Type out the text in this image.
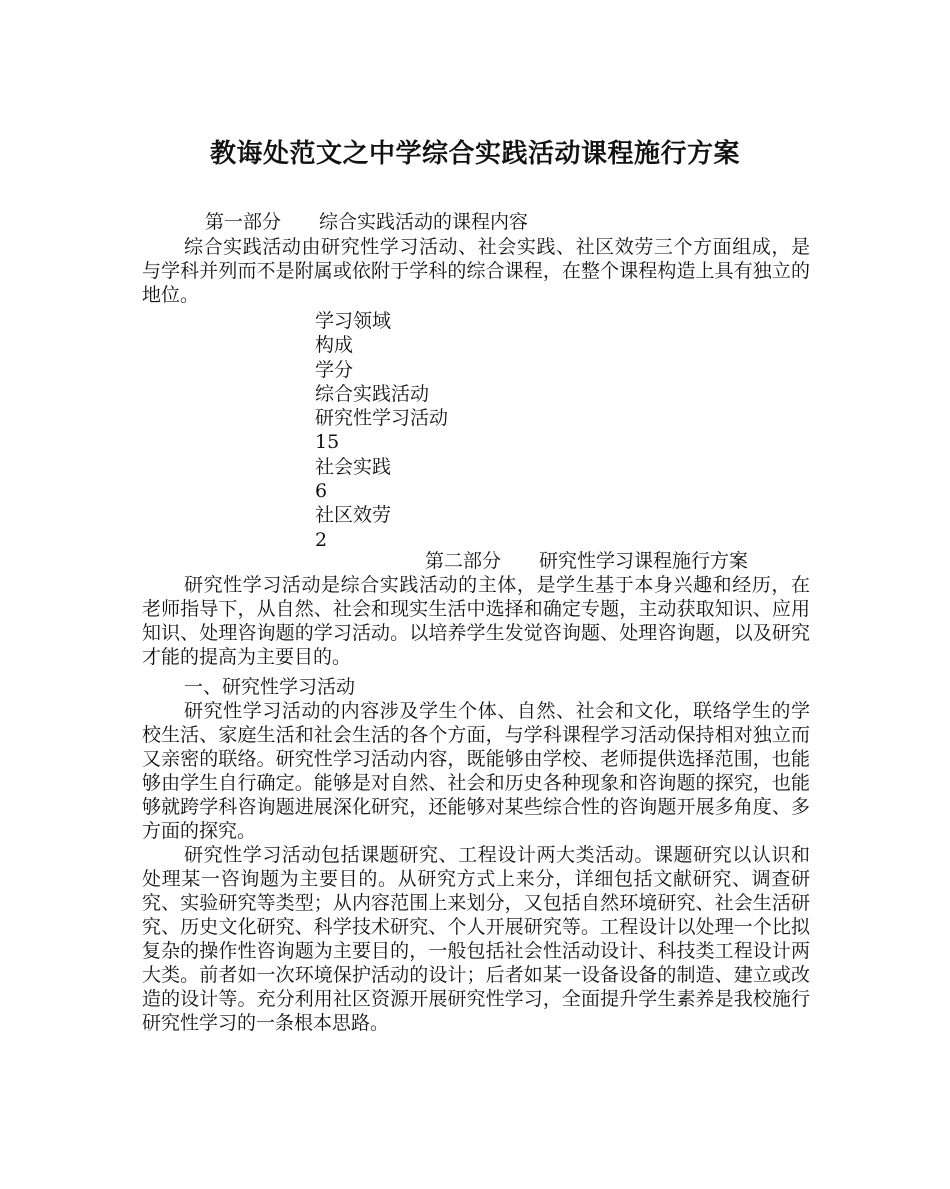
教诲处范文之中学综合实践活动课程施行方案
第一部分　　综合实践活动的课程内容
综合实践活动由研究性学习活动、社会实践、社区效劳三个方面组成，是与学科并列而不是附属或依附于学科的综合课程，在整个课程构造上具有独立的地位。
学习领域
构成
学分
综合实践活动
研究性学习活动
15
社会实践
6
社区效劳
2
第二部分　　研究性学习课程施行方案
研究性学习活动是综合实践活动的主体，是学生基于本身兴趣和经历，在老师指导下，从自然、社会和现实生活中选择和确定专题，主动获取知识、应用知识、处理咨询题的学习活动。以培养学生发觉咨询题、处理咨询题，以及研究才能的提高为主要目的。
一、研究性学习活动
研究性学习活动的内容涉及学生个体、自然、社会和文化，联络学生的学校生活、家庭生活和社会生活的各个方面，与学科课程学习活动保持相对独立而又亲密的联络。研究性学习活动内容，既能够由学校、老师提供选择范围，也能够由学生自行确定。能够是对自然、社会和历史各种现象和咨询题的探究，也能够就跨学科咨询题进展深化研究，还能够对某些综合性的咨询题开展多角度、多方面的探究。
研究性学习活动包括课题研究、工程设计两大类活动。课题研究以认识和处理某一咨询题为主要目的。从研究方式上来分，详细包括文献研究、调查研究、实验研究等类型；从内容范围上来划分，又包括自然环境研究、社会生活研究、历史文化研究、科学技术研究、个人开展研究等。工程设计以处理一个比拟复杂的操作性咨询题为主要目的，一般包括社会性活动设计、科技类工程设计两大类。前者如一次环境保护活动的设计；后者如某一设备设备的制造、建立或改造的设计等。充分利用社区资源开展研究性学习，全面提升学生素养是我校施行研究性学习的一条根本思路。
